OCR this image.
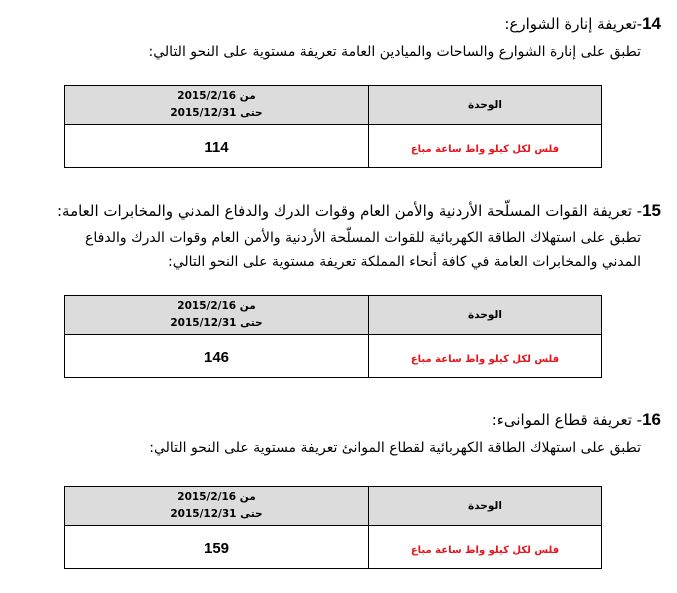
14-تعريفة إنارة الشوارع:
تطبق على إنارة الشوارع والساحات والميادين العامة تعريفة مستوية على النحو التالي:
الوحدة	من 2015/2/16
حتى 2015/12/31

فلس لكل كيلو واط ساعة مباع	114
15- تعريفة القوات المسلّحة الأردنية والأمن العام وقوات الدرك والدفاع المدني والمخابرات العامة:
تطبق على استهلاك الطاقة الكهربائية للقوات المسلّحة الأردنية والأمن العام وقوات الدرك والدفاع المدني والمخابرات العامة في كافة أنحاء المملكة تعريفة مستوية على النحو التالي:
الوحدة	من 2015/2/16
حتى 2015/12/31

فلس لكل كيلو واط ساعة مباع	146
16- تعريفة قطاع الموانىء:
تطبق على استهلاك الطاقة الكهربائية لقطاع الموانئ تعريفة مستوية على النحو التالي:
الوحدة	من 2015/2/16
حتى 2015/12/31

فلس لكل كيلو واط ساعة مباع	159
